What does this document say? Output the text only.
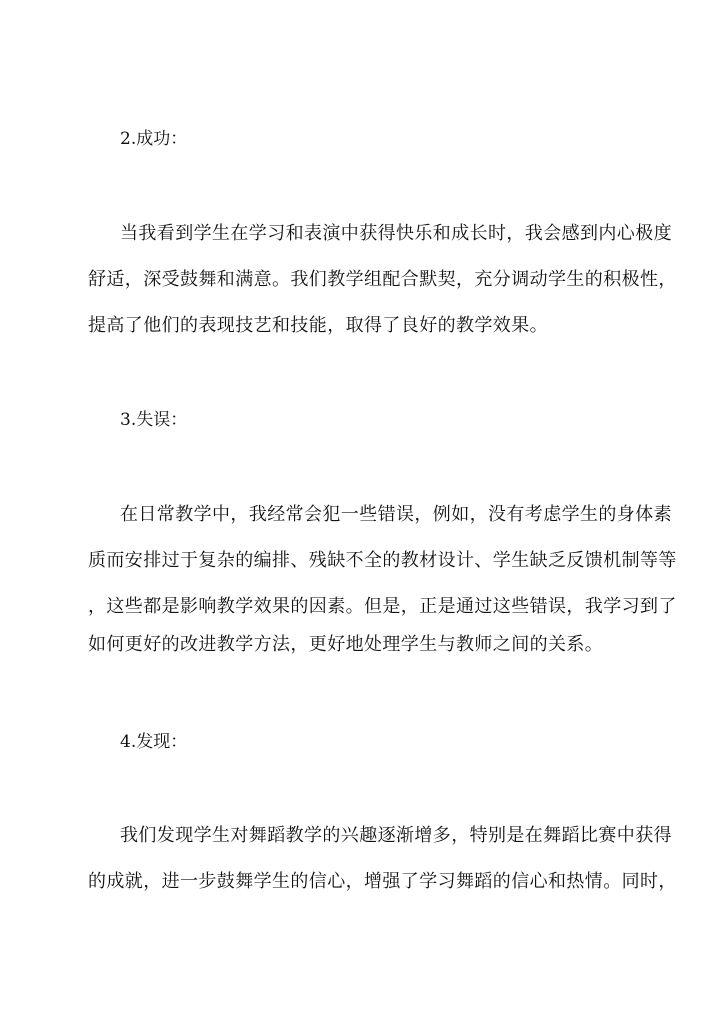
2.成功：
当我看到学生在学习和表演中获得快乐和成长时，我会感到内心极度
舒适，深受鼓舞和满意。我们教学组配合默契，充分调动学生的积极性，
提高了他们的表现技艺和技能，取得了良好的教学效果。
3.失误：
在日常教学中，我经常会犯一些错误，例如，没有考虑学生的身体素
质而安排过于复杂的编排、残缺不全的教材设计、学生缺乏反馈机制等等
，这些都是影响教学效果的因素。但是，正是通过这些错误，我学习到了
如何更好的改进教学方法，更好地处理学生与教师之间的关系。
4.发现：
我们发现学生对舞蹈教学的兴趣逐渐增多，特别是在舞蹈比赛中获得
的成就，进一步鼓舞学生的信心，增强了学习舞蹈的信心和热情。同时，
